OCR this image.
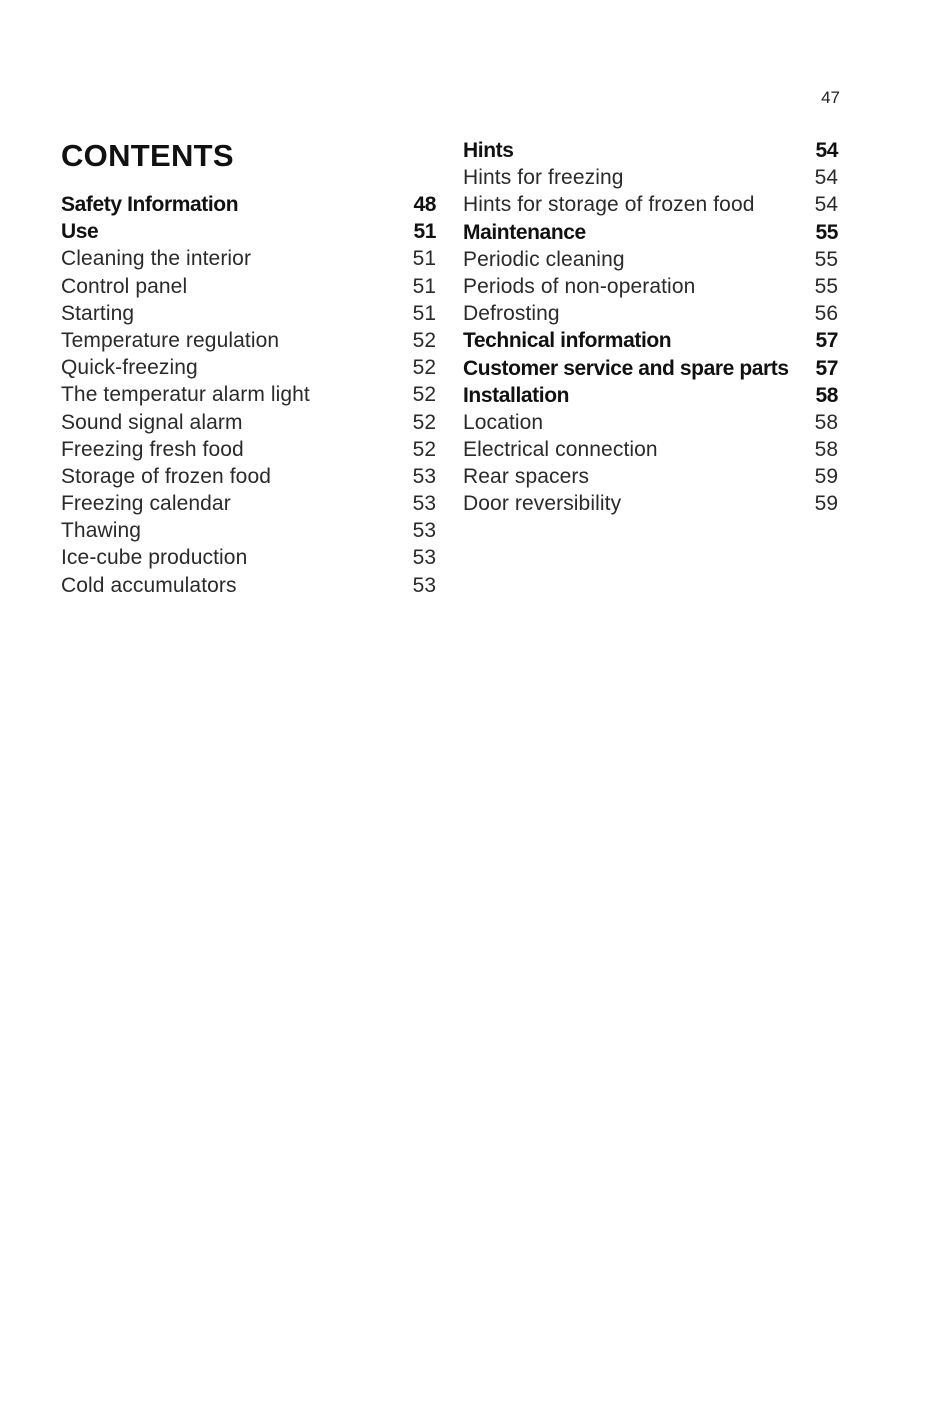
47
CONTENTS
Safety Information	48
Use	51
Cleaning the interior	51
Control panel	51
Starting	51
Temperature regulation	52
Quick-freezing	52
The temperatur alarm light	52
Sound signal alarm	52
Freezing fresh food	52
Storage of frozen food	53
Freezing calendar	53
Thawing	53
Ice-cube production	53
Cold accumulators	53
Hints	54
Hints for freezing	54
Hints for storage of frozen food	54
Maintenance	55
Periodic cleaning	55
Periods of non-operation	55
Defrosting	56
Technical information	57
Customer service and spare parts 57
Installation	58
Location	58
Electrical connection	58
Rear spacers	59
Door reversibility	59
